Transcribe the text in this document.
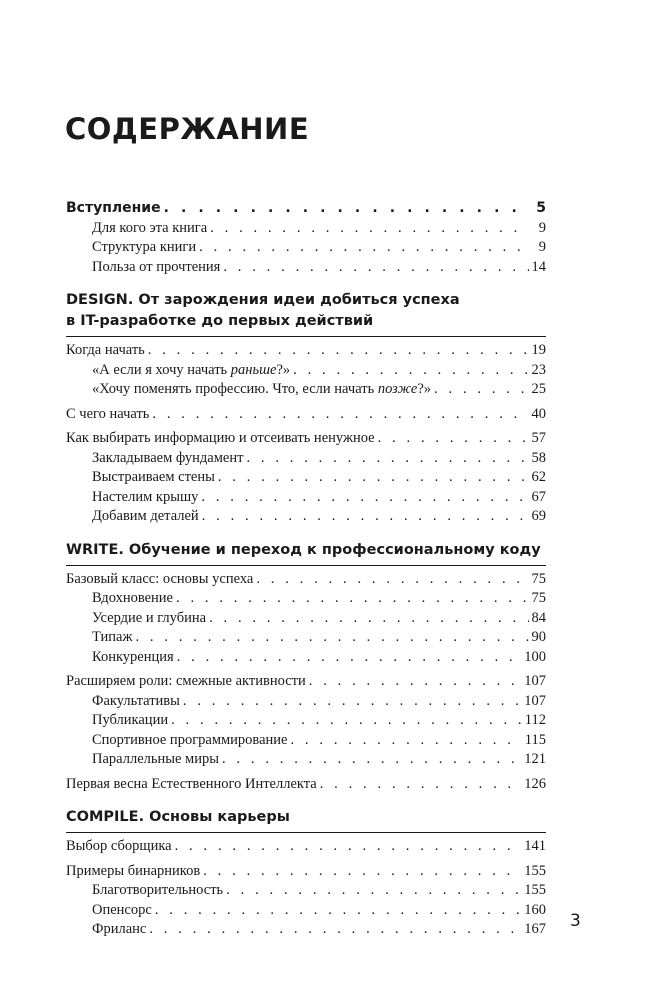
СОДЕРЖАНИЕ
Вступление . . .	5
Для кого эта книга . . .	9
Структура книги . . .	9
Польза от прочтения . . .	14
DESIGN. От зарождения идеи добиться успеха
в IT-разработке до первых действий
Когда начать . . .	19
«А если я хочу начать раньше?» . . .	23
«Хочу поменять профессию. Что, если начать позже?» . . .	25
С чего начать . . .	40
Как выбирать информацию и отсеивать ненужное . . .	57
Закладываем фундамент . . .	58
Выстраиваем стены . . .	62
Настелим крышу . . .	67
Добавим деталей . . .	69
WRITE. Обучение и переход к профессиональному коду
Базовый класс: основы успеха . . .	75
Вдохновение . . .	75
Усердие и глубина . . .	84
Типаж . . .	90
Конкуренция . . .	100
Расширяем роли: смежные активности . . .	107
Факультативы . . .	107
Публикации . . .	112
Спортивное программирование . . .	115
Параллельные миры . . .	121
Первая весна Естественного Интеллекта . . .	126
COMPILE. Основы карьеры
Выбор сборщика . . .	141
Примеры бинарников . . .	155
Благотворительность . . .	155
Опенсорс . . .	160
Фриланс . . .	167 3
